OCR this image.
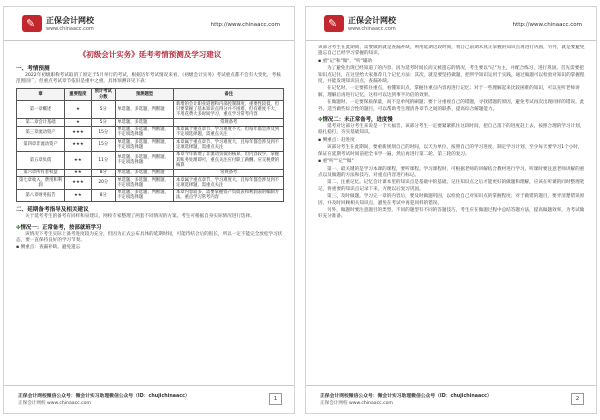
✎ 正保会计网校
www.chinaacc.com
http://www.chinaacc.com
《初级会计实务》延考考情预测及学习建议
一、考情预测

2022年初级职称考试取消了原定于5月举行的考试，根据历年考试情况来看，《初级会计实务》考试重点都不会有大变化，考核范围固广，但重点考试章节依旧是重中之重。具体预测详见下表：

章	重要程度	预计考试分数	预测题型	备注
第一章概述	★	5分	单选题、多选题、判断题	新增的会计职业道德和内部控制制度、重要性较低，但只要掌握了基本知识点得分并不困难，但有难度不大，不用花费大多时间学习，重点学习常考内容
第二章会计基础	★	5分	单选题、多选题	常规备考
第三章流动资产	★★★	15分	单选题、多选题、判断题、不定项选择题	本章属于重点章节，学习难度不大，但每年都会涉及到不定项选择题，需重点关注
第四章非流动资产	★★★	15分	单选题、多选题、判断题、不定项选择题	本章属于重点章节，学习难度大，且每年都会涉及到不定项选择题，需重点关注
第五章负债	★★	11分	单选题、多选题、判断题、不定项选择题	本章今年新增了非流动负债的核算，但内容较少，掌握其账务处理即可，重点关注应付职工薪酬、应交税费的核算
第六章所有者权益	★★	8分	单选题、多选题、判断题	常规备考
第七章收入、费用和利润	★★★	20分	单选题、多选题、判断题、不定项选择题	本章属于重点章节，学习难度大，且每年都会涉及到不定项选择题，需重点关注
第八章财务报告	★★	8分	单选题、多选题、判断题、不定项选择题	本章内容较多，需要掌握资产负债表和利润表的编制方法，重点学习常考内容
二、延期备考指导及相关建议

关于延考考生的备考有同样和泉建议，网校专家整理了两套不同情况的方案。考生可根据自身实际情况进行选择。

✤情况一：正常备考，按部就班学习

该情况下考生实际上备考进度较为充分，但因为正式公布具体的延期时间，可能待结合后的很长，所以一定不能完全放松学习状态，要一直保持良好的学习节奏。

▪ 侧重点：查漏补缺、避免遗忘

正保会计网校微信公众号：微会计实习助理微信公众号（ID：chujichinaacc）
正保会计网校 www.chinaacc.com
1
✎ 正保会计网校
www.chinaacc.com
http://www.chinaacc.com

该部分考生在此期间，需要做的就是查漏补缺，利用延期这段时间，将自己前期未真正掌握的知识点再进行巩固，另外，就是要避免遗忘自己已经学习掌握的知识。

▪ 重"记"和"做"，"听"辅助

为了避免出现已经知道了的内容，因为延考时间长而又被遗忘的情况，考生要以"记"为主，并配合练习，进行巩固。首先需要把知识点记住，在这里给大家推荐几个记忆方法：其次，就是要坚持做题，把所学知识运用于实践，通过做题可以检验对知识的掌握程度，并能发现知识盲点，查漏补缺。

在记忆时，一定要抓住重点，看懂知识点，掌握住重点内容再进行记忆；对于一些理解起来比较困难的知识，可以先听老师讲解，理解后再进行记忆，这样可以达到事半功倍的效果。

在做题时，一定要保质保量，而不是单纯的刷题；要十分重视自己的错题，寻找错题的原因，避免考试再次出现同样的错误。此外，适当做些综合性的题目，可以帮助考生理清各章节之间的联系，提高综合解题能力。

✤情况二：未正常备考，进度慢

延考对这部分考生来说是一个大福音，该部分考生一定要紧紧抓住这段时间，把自己落下的进度赶上去，按照合理的学习计划，稳扎稳打，夯实基础知识。

▪ 侧重点：赶进度

该部分考生在此期间，要重新规划自己的时间，以天为单位，按照自己的学习进度，制定学习计划，至少每天要学习1个小时，保证在延期考试时间前把全书学一遍，然后再进行第二轮、第三轮的复习。

▪ 重"听""记""做"

第一、最关键的是学习本课的课程，要听课程。学习课程时，可根据老师的讲解结合教材进行学习，听课时要注意老师讲解的重点以及做题的方法和技巧，对重点内容进行标记。

第二、注重记忆。记忆会计课本里的知识点是基础中的基础，记住知识点之后才能更好的做题和理解，应该在听课的同时整理笔记，将重要的知识点记录下来，方便以后复习巩固。

第三、及时做题。学习完一章的内容后，要及时做题巩固，以检验自己对知识点的掌握程度；对于做错的题目，要弄清楚错误原因，并及时回顾相关知识点，避免在考试中再犯同样的错误。

另外，做题时要注意题目的类型，不同的题型有不同的答题技巧，考生应在做题过程中总结答题方法，提高做题效率，为考试做好充分准备。

正保会计网校微信公众号：微会计实习助理微信公众号（ID：chujichinaacc）
正保会计网校 www.chinaacc.com
2
